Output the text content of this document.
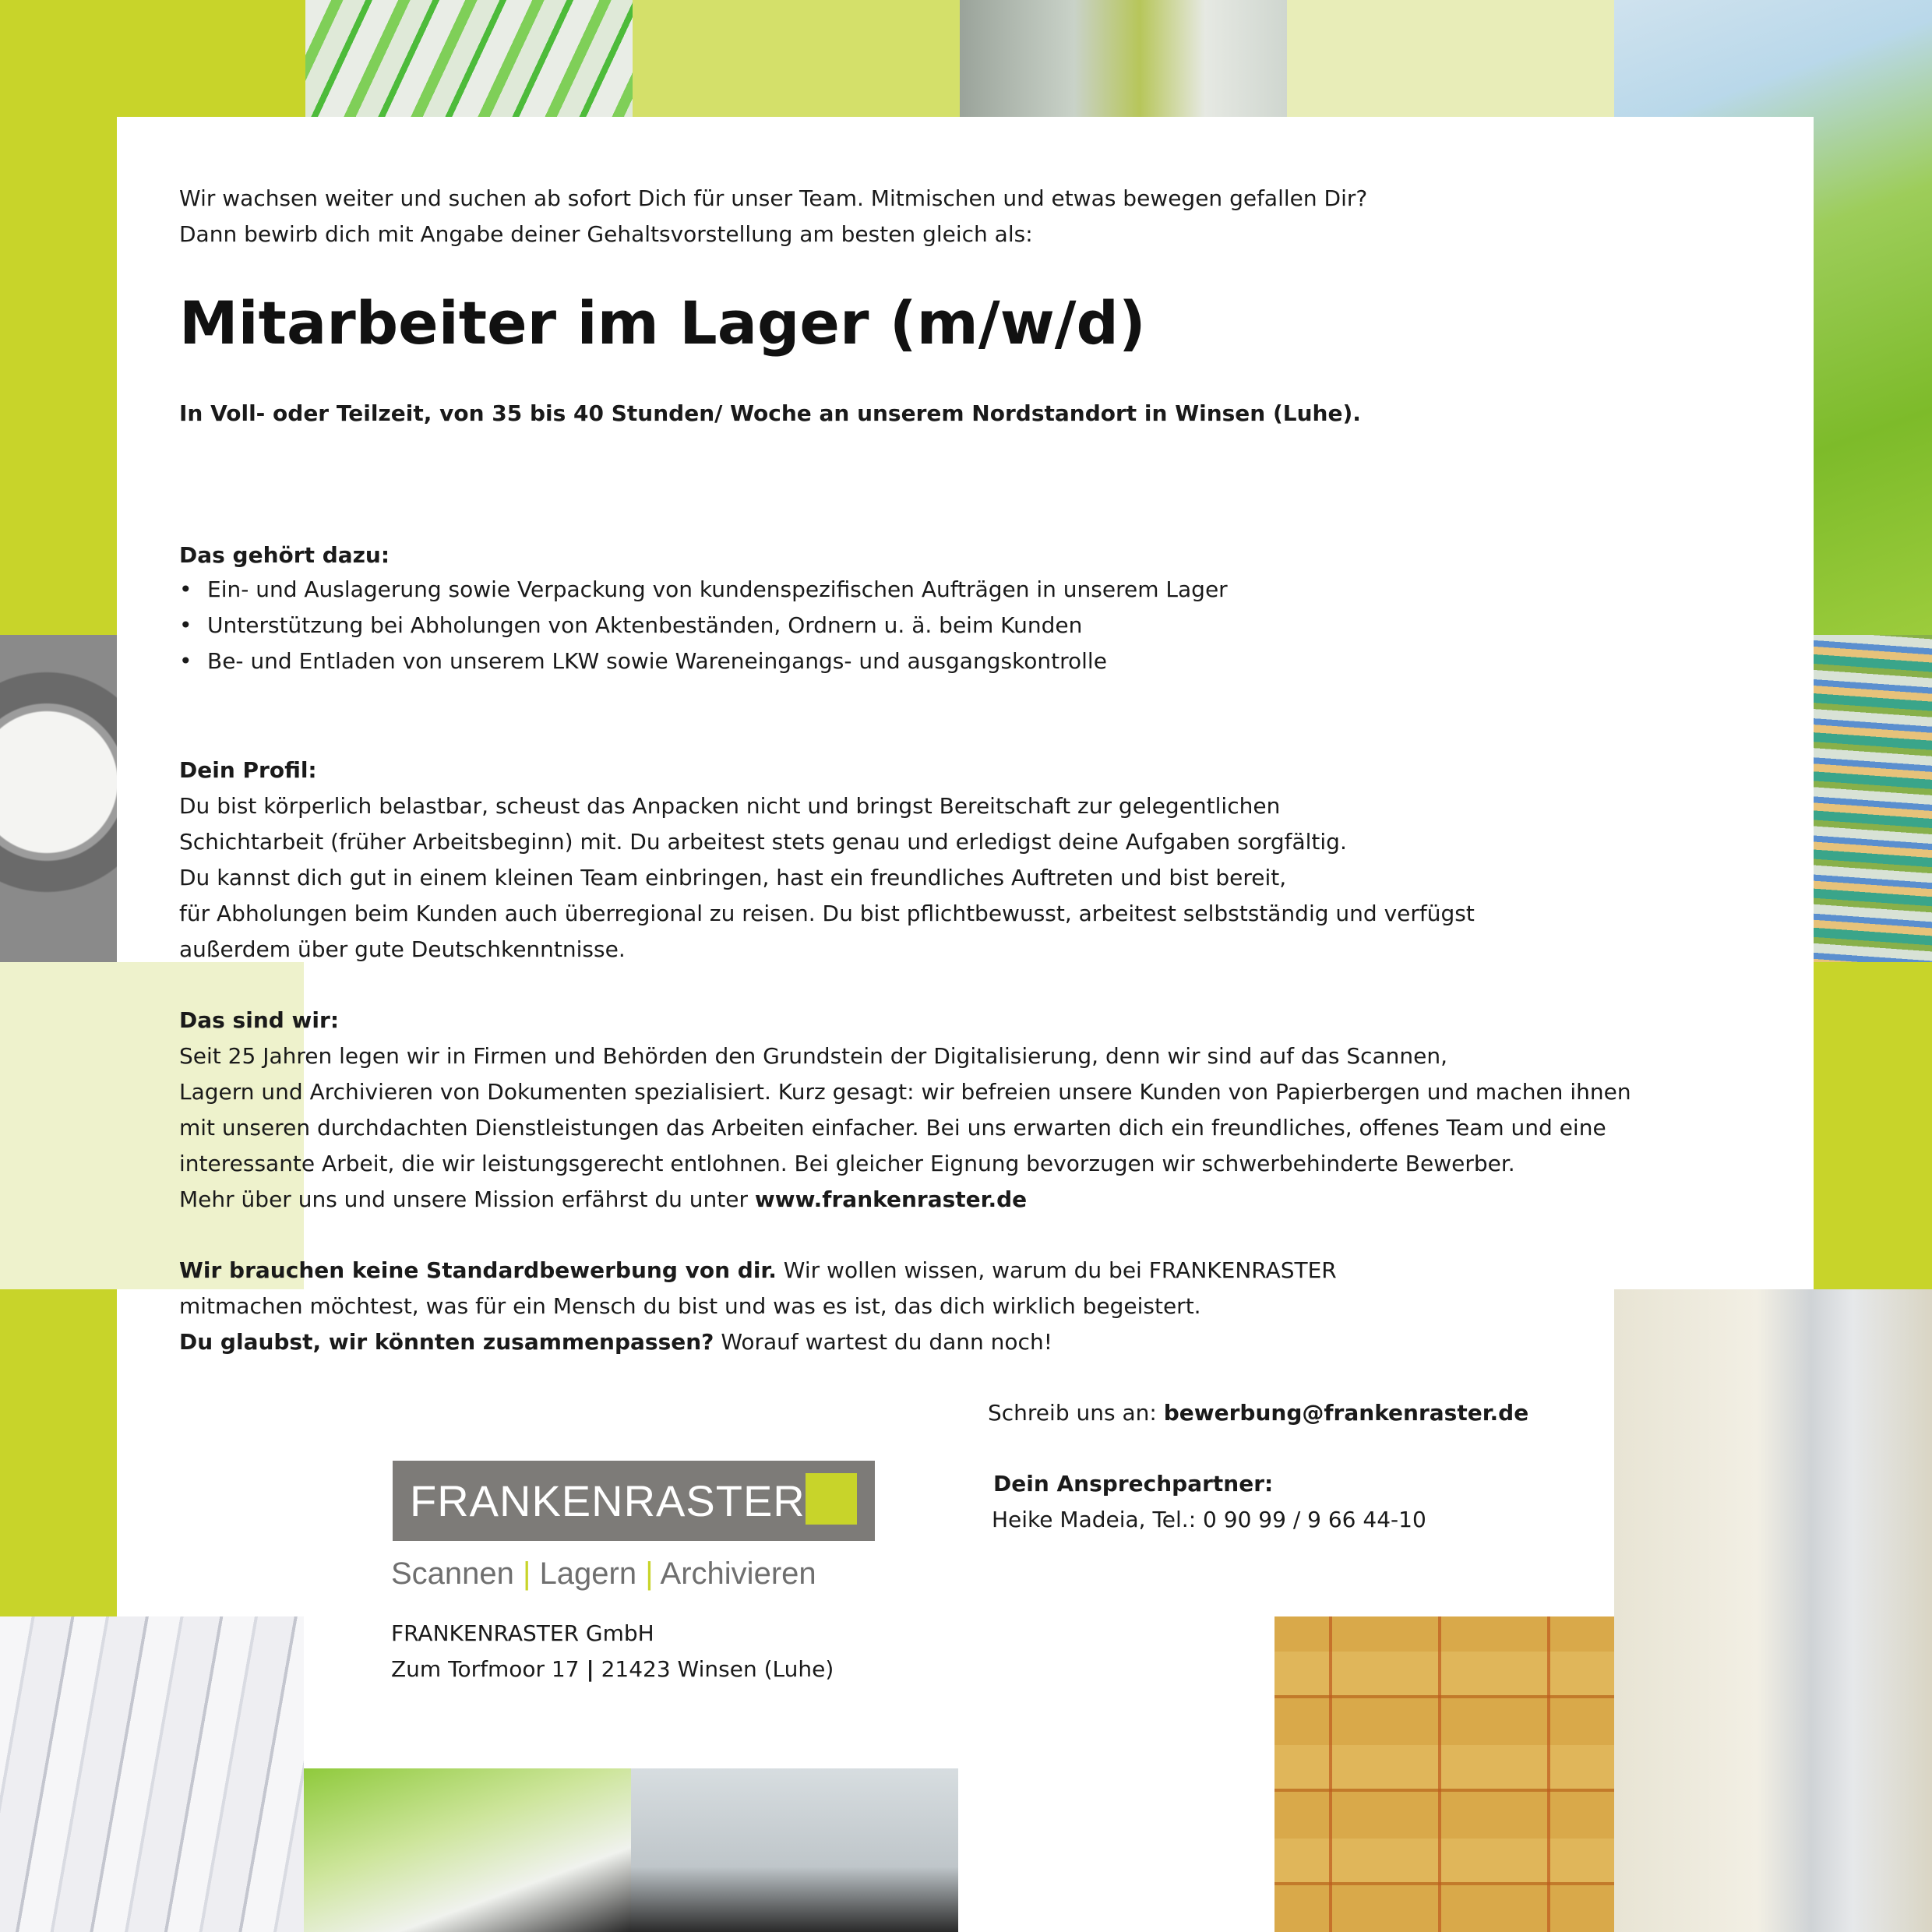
Wir wachsen weiter und suchen ab sofort Dich für unser Team. Mitmischen und etwas bewegen gefallen Dir?
Dann bewirb dich mit Angabe deiner Gehaltsvorstellung am besten gleich als:
Mitarbeiter im Lager (m/w/d)
In Voll- oder Teilzeit, von 35 bis 40 Stunden/ Woche an unserem Nordstandort in Winsen (Luhe).
Das gehört dazu:
• Ein- und Auslagerung sowie Verpackung von kundenspezifischen Aufträgen in unserem Lager
• Unterstützung bei Abholungen von Aktenbeständen, Ordnern u. ä. beim Kunden
• Be- und Entladen von unserem LKW sowie Wareneingangs- und ausgangskontrolle
Dein Profil:
Du bist körperlich belastbar, scheust das Anpacken nicht und bringst Bereitschaft zur gelegentlichen
Schichtarbeit (früher Arbeitsbeginn) mit. Du arbeitest stets genau und erledigst deine Aufgaben sorgfältig.
Du kannst dich gut in einem kleinen Team einbringen, hast ein freundliches Auftreten und bist bereit,
für Abholungen beim Kunden auch überregional zu reisen. Du bist pflichtbewusst, arbeitest selbstständig und verfügst
außerdem über gute Deutschkenntnisse.
Das sind wir:
Seit 25 Jahren legen wir in Firmen und Behörden den Grundstein der Digitalisierung, denn wir sind auf das Scannen,
Lagern und Archivieren von Dokumenten spezialisiert. Kurz gesagt: wir befreien unsere Kunden von Papierbergen und machen ihnen
mit unseren durchdachten Dienstleistungen das Arbeiten einfacher. Bei uns erwarten dich ein freundliches, offenes Team und eine
interessante Arbeit, die wir leistungsgerecht entlohnen. Bei gleicher Eignung bevorzugen wir schwerbehinderte Bewerber.
Mehr über uns und unsere Mission erfährst du unter www.frankenraster.de
Wir brauchen keine Standardbewerbung von dir. Wir wollen wissen, warum du bei FRANKENRASTER
mitmachen möchtest, was für ein Mensch du bist und was es ist, das dich wirklich begeistert.
Du glaubst, wir könnten zusammenpassen? Worauf wartest du dann noch!
Schreib uns an: bewerbung@frankenraster.de
Dein Ansprechpartner:
Heike Madeia, Tel.: 0 90 99 / 9 66 44-10
FRANKENRASTER
Scannen | Lagern | Archivieren
FRANKENRASTER GmbH
Zum Torfmoor 17 | 21423 Winsen (Luhe)
